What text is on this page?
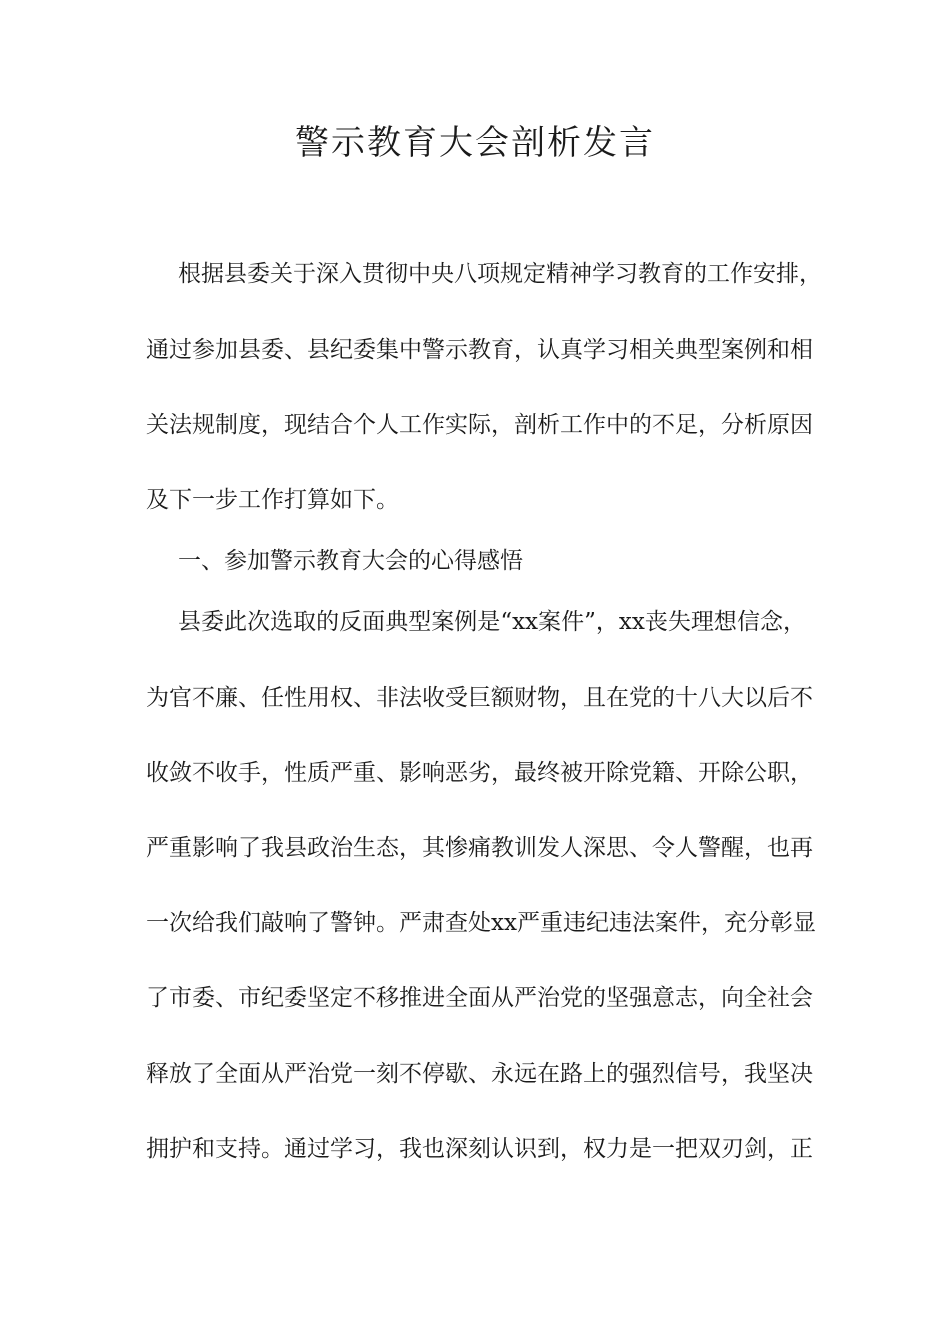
警示教育大会剖析发言
根据县委关于深入贯彻中央八项规定精神学习教育的工作安排，
通过参加县委、县纪委集中警示教育，认真学习相关典型案例和相
关法规制度，现结合个人工作实际，剖析工作中的不足，分析原因
及下一步工作打算如下。
一、参加警示教育大会的心得感悟
县委此次选取的反面典型案例是“xx案件”，xx丧失理想信念，
为官不廉、任性用权、非法收受巨额财物，且在党的十八大以后不
收敛不收手，性质严重、影响恶劣，最终被开除党籍、开除公职，
严重影响了我县政治生态，其惨痛教训发人深思、令人警醒，也再
一次给我们敲响了警钟。严肃查处xx严重违纪违法案件，充分彰显
了市委、市纪委坚定不移推进全面从严治党的坚强意志，向全社会
释放了全面从严治党一刻不停歇、永远在路上的强烈信号，我坚决
拥护和支持。通过学习，我也深刻认识到，权力是一把双刃剑，正
